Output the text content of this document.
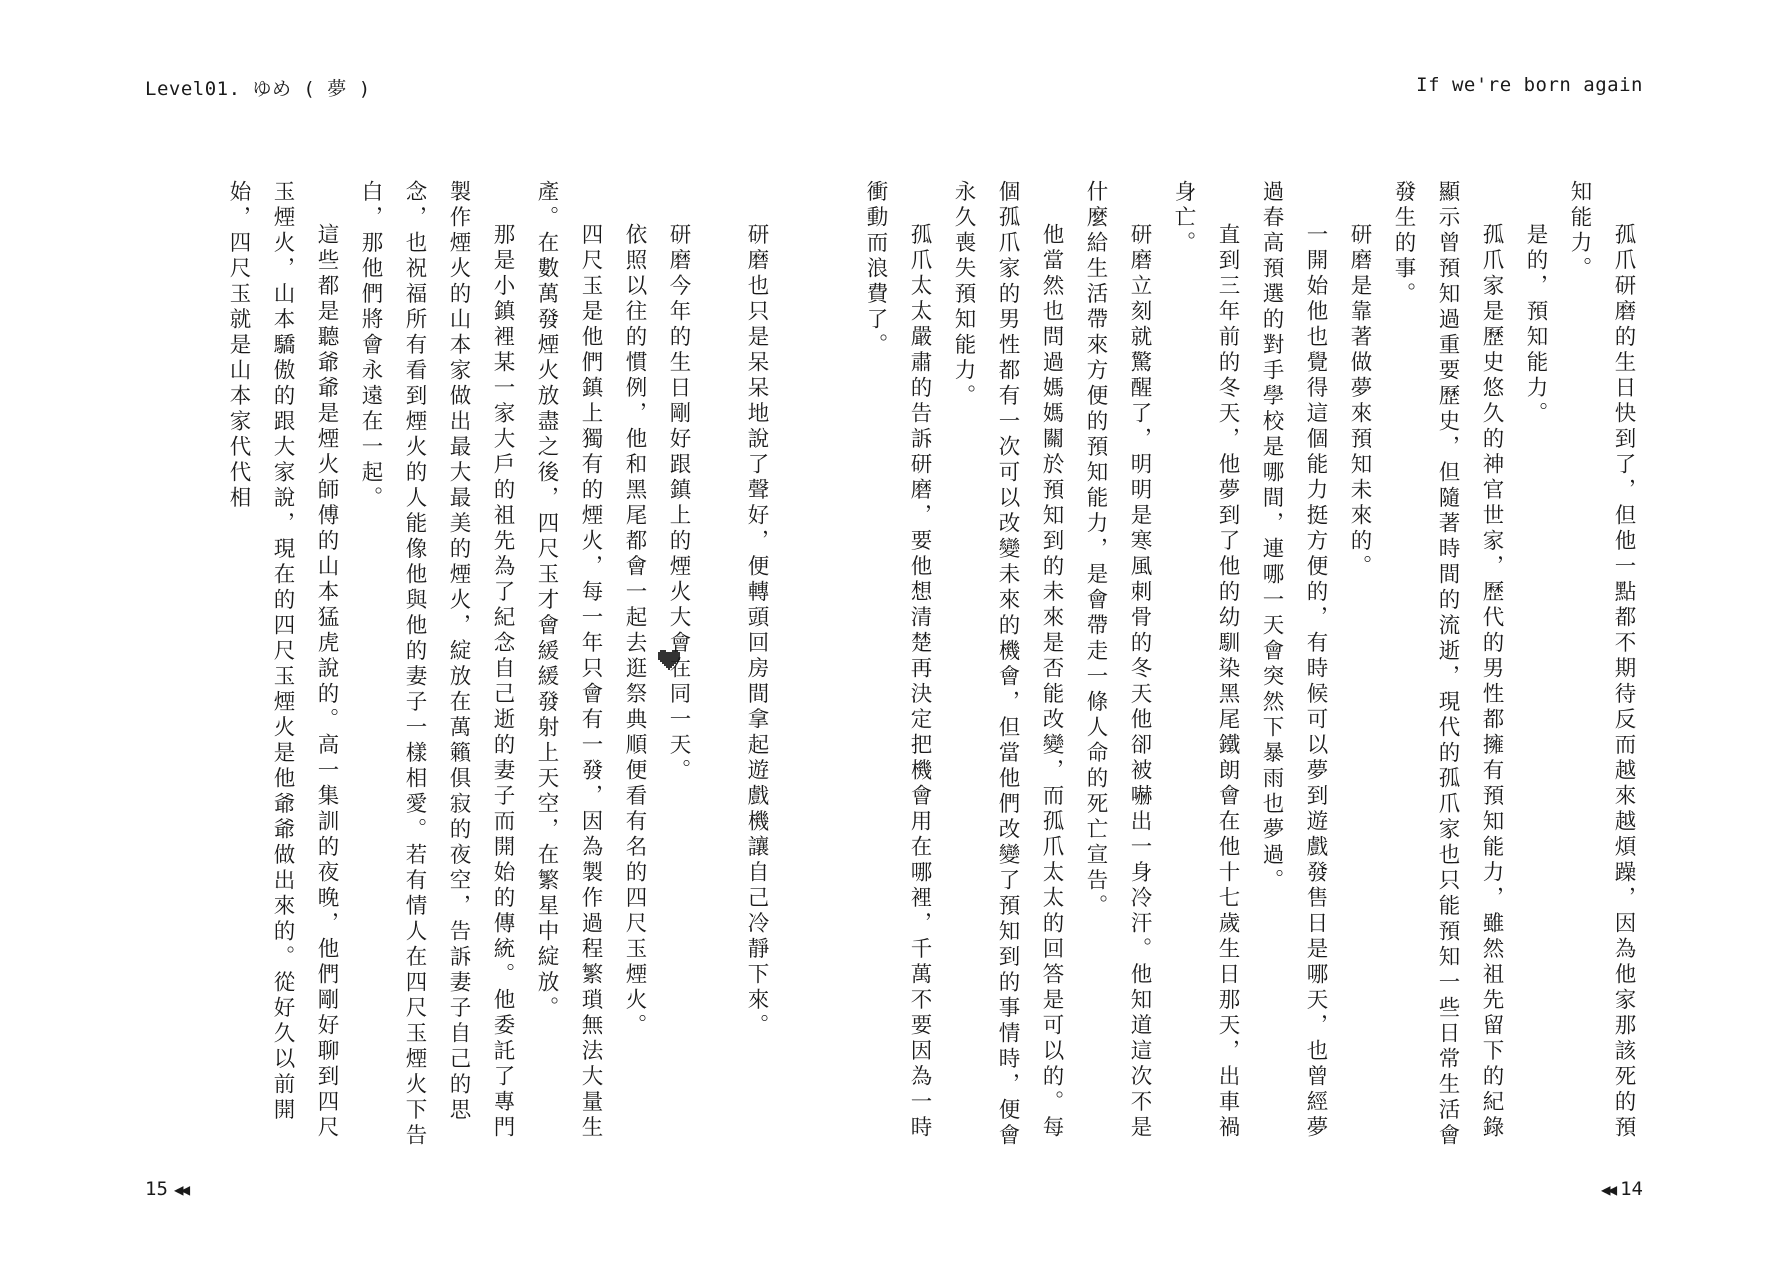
Level01. ゆめ ( 夢 )	If we're born again

孤爪研磨的生日快到了，但他一點都不期待反而越來越煩躁，因為他家那該死的預知能力。

是的，預知能力。

孤爪家是歷史悠久的神官世家，歷代的男性都擁有預知能力，雖然祖先留下的紀錄顯示曾預知過重要歷史，但隨著時間的流逝，現代的孤爪家也只能預知一些日常生活會發生的事。

研磨是靠著做夢來預知未來的。

一開始他也覺得這個能力挺方便的，有時候可以夢到遊戲發售日是哪天，也曾經夢過春高預選的對手學校是哪間，連哪一天會突然下暴雨也夢過。

直到三年前的冬天，他夢到了他的幼馴染黑尾鐵朗會在他十七歲生日那天，出車禍身亡。

研磨立刻就驚醒了，明明是寒風刺骨的冬天他卻被嚇出一身冷汗。他知道這次不是什麼給生活帶來方便的預知能力，是會帶走一條人命的死亡宣告。

他當然也問過媽媽關於預知到的未來是否能改變，而孤爪太太的回答是可以的。每個孤爪家的男性都有一次可以改變未來的機會，但當他們改變了預知到的事情時，便會永久喪失預知能力。

孤爪太太嚴肅的告訴研磨，要他想清楚再決定把機會用在哪裡，千萬不要因為一時衝動而浪費了。

研磨也只是呆呆地說了聲好，便轉頭回房間拿起遊戲機讓自己冷靜下來。

研磨今年的生日剛好跟鎮上的煙火大會在同一天。

依照以往的慣例，他和黑尾都會一起去逛祭典順便看有名的四尺玉煙火。

四尺玉是他們鎮上獨有的煙火，每一年只會有一發，因為製作過程繁瑣無法大量生產。在數萬發煙火放盡之後，四尺玉才會緩緩發射上天空，在繁星中綻放。

那是小鎮裡某一家大戶的祖先為了紀念自己逝的妻子而開始的傳統。他委託了專門製作煙火的山本家做出最大最美的煙火，綻放在萬籟俱寂的夜空，告訴妻子自己的思念，也祝福所有看到煙火的人能像他與他的妻子一樣相愛。若有情人在四尺玉煙火下告白，那他們將會永遠在一起。

這些都是聽爺爺是煙火師傅的山本猛虎說的。高一集訓的夜晚，他們剛好聊到四尺玉煙火，山本驕傲的跟大家說，現在的四尺玉煙火是他爺爺做出來的。從好久以前開始，四尺玉就是山本家代代相

15 ◀◀	◀◀ 14
